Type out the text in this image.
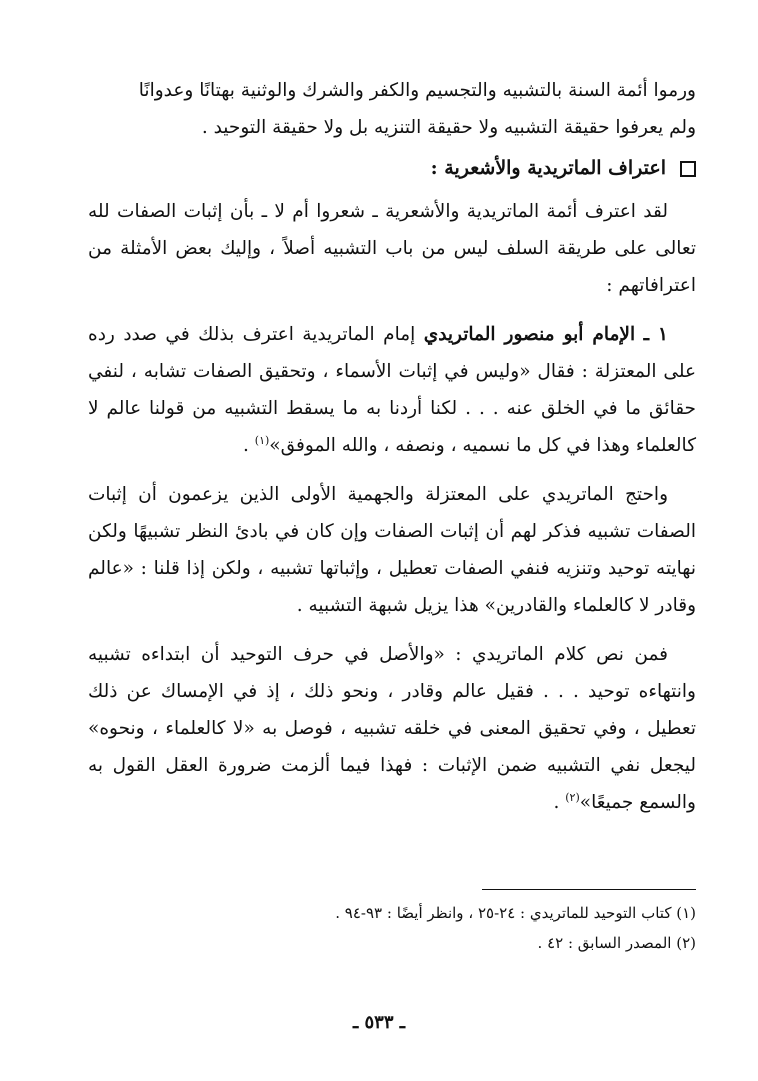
ورموا أئمة السنة بالتشبيه والتجسيم والكفر والشرك والوثنية بهتانًا وعدوانًا

ولم يعرفوا حقيقة التشبيه ولا حقيقة التنزيه بل ولا حقيقة التوحيد .

اعتراف الماتريدية والأشعرية :

لقد اعترف أئمة الماتريدية والأشعرية ـ شعروا أم لا ـ بأن إثبات الصفات لله تعالى على طريقة السلف ليس من باب التشبيه أصلاً ، وإليك بعض الأمثلة من اعترافاتهم :

١ ـ الإمام أبو منصور الماتريدي إمام الماتريدية اعترف بذلك في صدد رده على المعتزلة : فقال «وليس في إثبات الأسماء ، وتحقيق الصفات تشابه ، لنفي حقائق ما في الخلق عنه . . . لكنا أردنا به ما يسقط التشبيه من قولنا عالم لا كالعلماء وهذا في كل ما نسميه ، ونصفه ، والله الموفق»$^{(١)}$ .

واحتج الماتريدي على المعتزلة والجهمية الأولى الذين يزعمون أن إثبات الصفات تشبيه فذكر لهم أن إثبات الصفات وإن كان في بادئ النظر تشبيهًا ولكن نهايته توحيد وتنزيه فنفي الصفات تعطيل ، وإثباتها تشبيه ، ولكن إذا قلنا : «عالم وقادر لا كالعلماء والقادرين» هذا يزيل شبهة التشبيه .

فمن نص كلام الماتريدي : «والأصل في حرف التوحيد أن ابتداءه تشبيه وانتهاءه توحيد . . . فقيل عالم وقادر ، ونحو ذلك ، إذ في الإمساك عن ذلك تعطيل ، وفي تحقيق المعنى في خلقه تشبيه ، فوصل به «لا كالعلماء ، ونحوه» ليجعل نفي التشبيه ضمن الإثبات : فهذا فيما ألزمت ضرورة العقل القول به والسمع جميعًا»$^{(٢)}$ .

(١) كتاب التوحيد للماتريدي : ٢٤-٢٥ ، وانظر أيضًا : ٩٣-٩٤ .

(٢) المصدر السابق : ٤٢ .

ـ ٥٣٣ ـ
